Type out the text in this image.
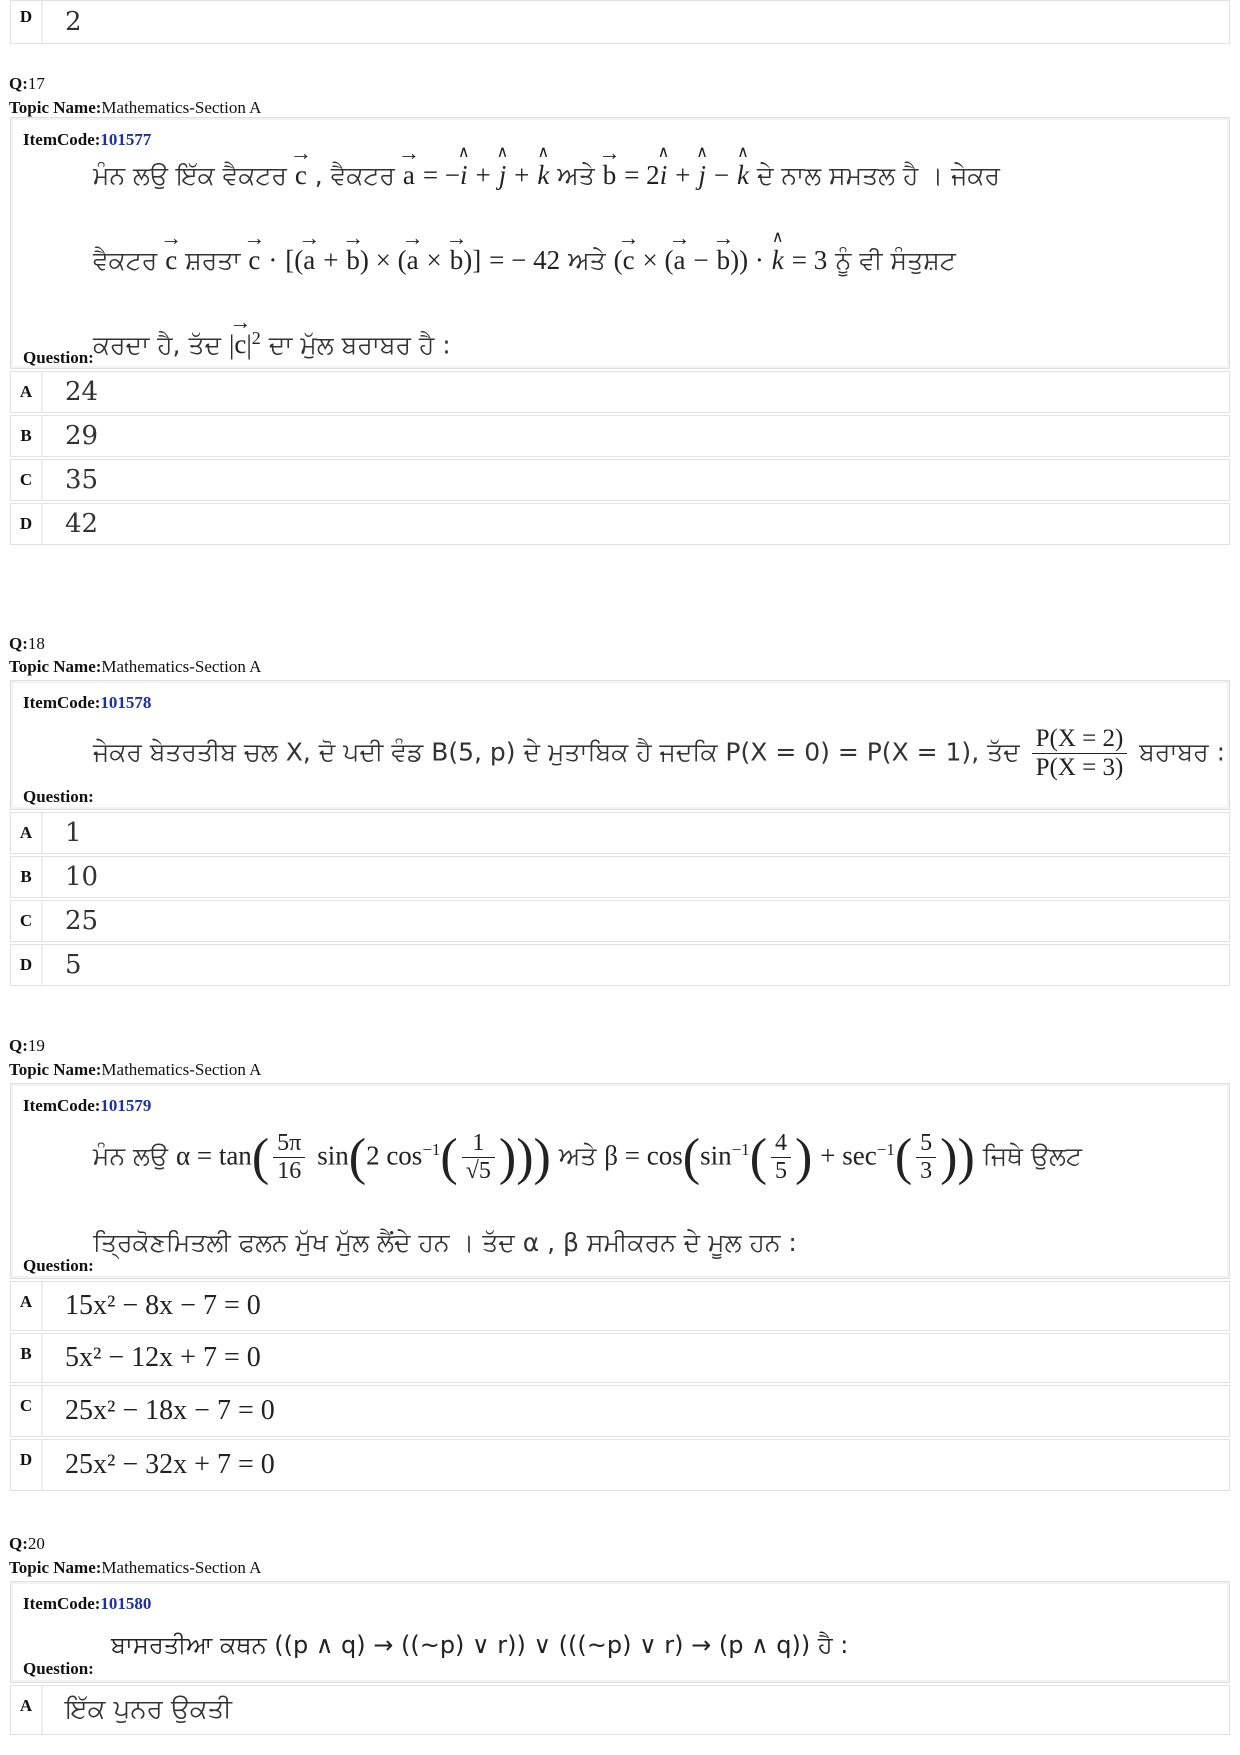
D	2
Q:17
Topic Name:Mathematics-Section A
ItemCode:101577
ਮੰਨ ਲਉ ਇੱਕ ਵੈਕਟਰ → c , ਵੈਕਟਰ → a = −∧ i + ∧ j + ∧ k ਅਤੇ → b = 2∧ i + ∧ j − ∧ k ਦੇ ਨਾਲ ਸਮਤਲ ਹੈ । ਜੇਕਰ
ਵੈਕਟਰ → c ਸ਼ਰਤਾ → c · [(→ a + → b) × (→ a × → b)] = − 42 ਅਤੇ (→ c × (→ a − → b)) · ∧ k = 3 ਨੂੰ ਵੀ ਸੰਤੁਸ਼ਟ
Question: ਕਰਦਾ ਹੈ, ਤੱਦ |→ $c|^2$ ਦਾ ਮੁੱਲ ਬਰਾਬਰ ਹੈ :
A	24
B	29
C	35
D	42
Q:18
Topic Name:Mathematics-Section A
ItemCode:101578
ਜੇਕਰ ਬੇਤਰਤੀਬ ਚਲ X, ਦੋ ਪਦੀ ਵੰਡ B(5, p) ਦੇ ਮੁਤਾਬਿਕ ਹੈ ਜਦਕਿ P(X = 0) = P(X = 1), ਤੱਦ $\frac{P(X = 2)}{P(X = 3)}$ ਬਰਾਬਰ :
Question:
A	1
B	10
C	25
D	5
Q:19
Topic Name:Mathematics-Section A
ItemCode:101579
ਮੰਨ ਲਉ $\alpha = \tan( \frac{5\pi}{16} \sin(2$ $\cos^{-1}( \frac{1}{√5}$ ))) ਅਤੇ $\beta = \cos(\sin^{-1}( \frac{4}{5}$ ) + $\sec^{-1}( \frac{5}{3}$ )) ਜਿਥੇ ਉਲਟ
ਤ੍ਰਿਕੋਣਮਿਤਲੀ ਫਲਨ ਮੁੱਖ ਮੁੱਲ ਲੈਂਦੇ ਹਨ । ਤੱਦ α , β ਸਮੀਕਰਨ ਦੇ ਮੂਲ ਹਨ :
Question:
A	15x² − 8x − 7 = 0
B	5x² − 12x + 7 = 0
C	25x² − 18x − 7 = 0
D	25x² − 32x + 7 = 0
Q:20
Topic Name:Mathematics-Section A
ItemCode:101580
Question:
ਬਾਸਰਤੀਆ ਕਥਨ ((p ∧ q) → ((~p) ∨ r)) ∨ (((~p) ∨ r) → (p ∧ q)) ਹੈ :
A	ਇੱਕ ਪੁਨਰ ਉਕਤੀ
